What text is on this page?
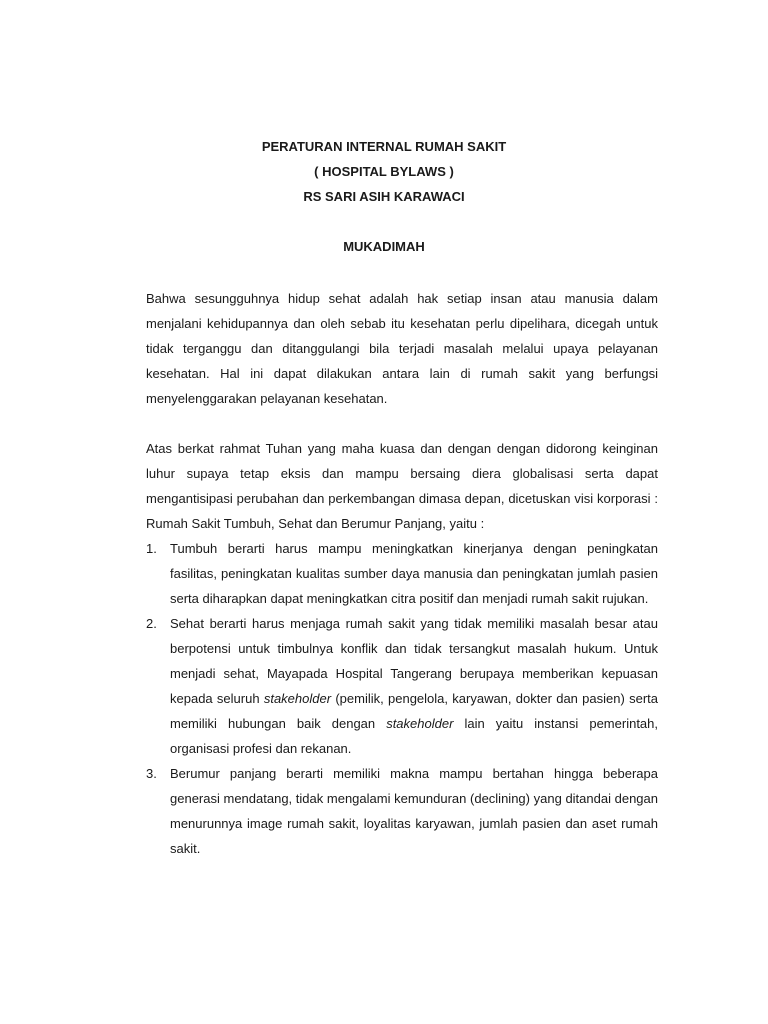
PERATURAN INTERNAL RUMAH SAKIT
( HOSPITAL BYLAWS )
RS SARI ASIH KARAWACI
MUKADIMAH
Bahwa sesungguhnya hidup sehat adalah hak setiap insan atau manusia dalam menjalani kehidupannya dan oleh sebab itu kesehatan perlu dipelihara, dicegah untuk tidak terganggu dan ditanggulangi bila terjadi masalah melalui upaya pelayanan kesehatan. Hal ini dapat dilakukan antara lain di rumah sakit yang berfungsi menyelenggarakan pelayanan kesehatan.

Atas berkat rahmat Tuhan yang maha kuasa dan dengan dengan didorong keinginan luhur supaya tetap eksis dan mampu bersaing diera globalisasi serta dapat mengantisipasi perubahan dan perkembangan dimasa depan, dicetuskan visi korporasi : Rumah Sakit Tumbuh, Sehat dan Berumur Panjang, yaitu :

1. Tumbuh berarti harus mampu meningkatkan kinerjanya dengan peningkatan fasilitas, peningkatan kualitas sumber daya manusia dan peningkatan jumlah pasien serta diharapkan dapat meningkatkan citra positif dan menjadi rumah sakit rujukan.
2. Sehat berarti harus menjaga rumah sakit yang tidak memiliki masalah besar atau berpotensi untuk timbulnya konflik dan tidak tersangkut masalah hukum. Untuk menjadi sehat, Mayapada Hospital Tangerang berupaya memberikan kepuasan kepada seluruh stakeholder (pemilik, pengelola, karyawan, dokter dan pasien) serta memiliki hubungan baik dengan stakeholder lain yaitu instansi pemerintah, organisasi profesi dan rekanan.
3. Berumur panjang berarti memiliki makna mampu bertahan hingga beberapa generasi mendatang, tidak mengalami kemunduran (declining) yang ditandai dengan menurunnya image rumah sakit, loyalitas karyawan, jumlah pasien dan aset rumah sakit.
